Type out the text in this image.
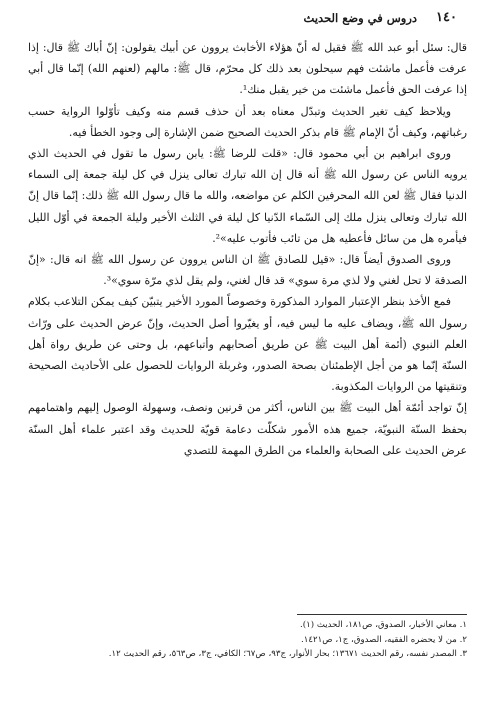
١٤٠
دروس في وضع الحديث

قال: سئل أبو عبد الله ﷺ فقيل له أنّ هؤلاء الأخابث يروون عن أبيك يقولون: إنّ أباك ﷺ قال: إذا عرفت فأعمل ماشئت فهم سيحلون بعد ذلك كل محرّم، قال ﷺ: مالهم (لعنهم الله) إنّما قال أبي إذا عرفت الحق فأعمل ماشئت من خير يقبل منك¹.

ويلاحظ كيف تغير الحديث وتبدّل معناه بعد أن حذف قسم منه وكيف تأوّلوا الرواية حسب رغباتهم، وكيف أنّ الإمام ﷺ قام بذكر الحديث الصحيح ضمن الإشارة إلى وجود الخطأ فيه.

وروى ابراهيم بن أبي محمود قال: «قلت للرضا ﷺ: يابن رسول ما تقول في الحديث الذي يرويه الناس عن رسول الله ﷺ أنه قال إن الله تبارك تعالى ينزل في كل ليلة جمعة إلى السماء الدنيا فقال ﷺ لعن الله المحرفين الكلم عن مواضعه، والله ما قال رسول الله ﷺ ذلك: إنّما قال إنّ الله تبارك وتعالى ينزل ملك إلى السّماء الدّنيا كل ليلة في الثلث الأخير وليلة الجمعة في أوّل الليل فيأمره هل من سائل فأعطيه هل من تائب فأتوب عليه»².

وروى الصدوق أيضاً قال: «قيل للصادق ﷺ ان الناس يروون عن رسول الله ﷺ انه قال: «إنّ الصدقة لا تحل لغني ولا لذي مرة سوي» قد قال لغني، ولم يقل لذي مرّة سوي»³.

فمع الأخذ بنظر الإعتبار الموارد المذكورة وخصوصاً المورد الأخير يتبيّن كيف يمكن التلاعب بكلام رسول الله ﷺ، ويضاف عليه ما ليس فيه، أو يغيّروا أصل الحديث، وإنّ عرض الحديث على ورّاث العلم النبوي (أئمة أهل البيت ﷺ عن طريق أصحابهم وأتباعهم، بل وحتى عن طريق رواة أهل السنّة إنّما هو من أجل الإطمئنان بصحة الصدور، وغربلة الروايات للحصول على الأحاديث الصحيحة وتنقيتها من الروايات المكذوبة.

إنّ تواجد أئمّة أهل البيت ﷺ بين الناس، أكثر من قرنين ونصف، وسهولة الوصول إليهم واهتمامهم بحفظ السنّة النبويّة، جميع هذه الأمور شكلّت دعامة قويّة للحديث وقد اعتبر علماء أهل السنّة عرض الحديث على الصحابة والعلماء من الطرق المهمة للتصدي

١. معاني الأخبار، الصدوق، ص١٨١، الحديث (١).
٢. من لا يحضره الفقيه، الصدوق، ج١، ص١٤٢١.
٣. المصدر نفسه، رقم الحديث ١٣٦٧١؛ بحار الأنوار، ج٩٣، ص٦٧؛ الكافي، ج٣، ص٥٦٣، رقم الحديث ١٢.
